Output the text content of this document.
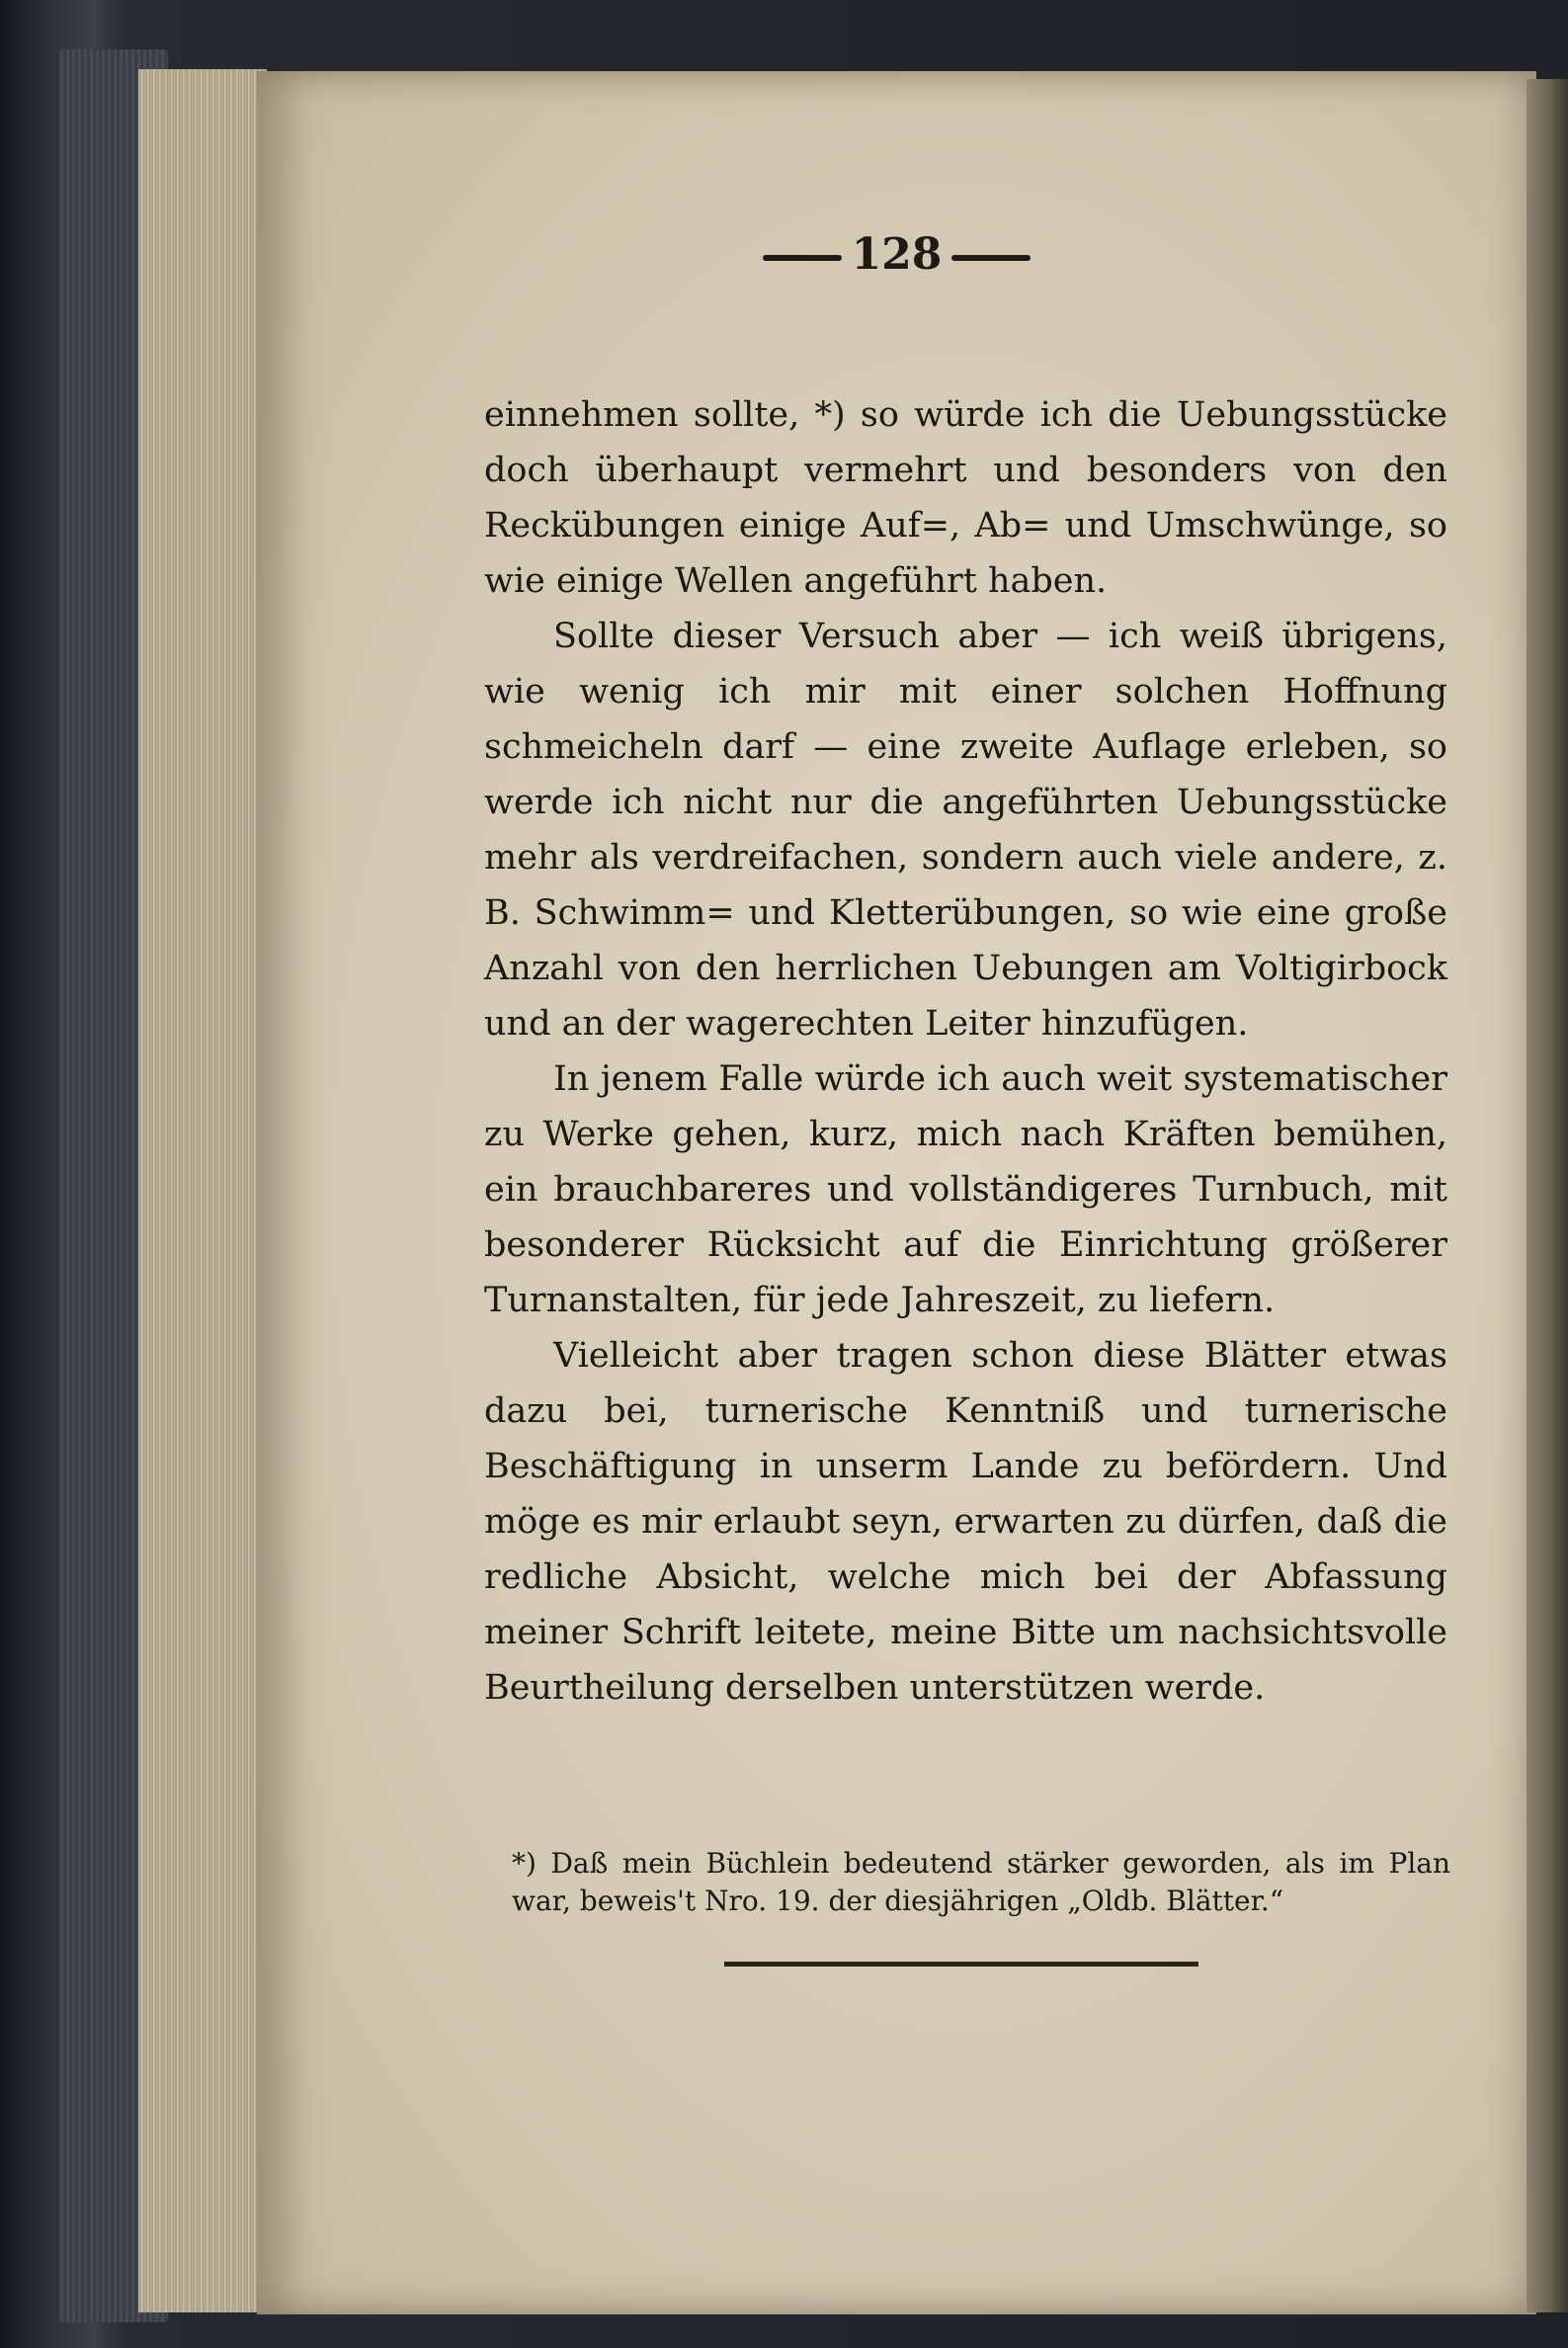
128

einnehmen sollte, *) so würde ich die Uebungsstücke doch überhaupt vermehrt und besonders von den Reckübungen einige Auf=, Ab= und Umschwünge, so wie einige Wellen angeführt haben.

Sollte dieser Versuch aber — ich weiß übrigens, wie wenig ich mir mit einer solchen Hoffnung schmeicheln darf — eine zweite Auflage erleben, so werde ich nicht nur die angeführten Uebungsstücke mehr als verdreifachen, sondern auch viele andere, z. B. Schwimm= und Kletterübungen, so wie eine große Anzahl von den herrlichen Uebungen am Voltigirbock und an der wagerechten Leiter hinzufügen.

In jenem Falle würde ich auch weit systematischer zu Werke gehen, kurz, mich nach Kräften bemühen, ein brauchbareres und vollständigeres Turnbuch, mit besonderer Rücksicht auf die Einrichtung größerer Turnanstalten, für jede Jahreszeit, zu liefern.

Vielleicht aber tragen schon diese Blätter etwas dazu bei, turnerische Kenntniß und turnerische Beschäftigung in unserm Lande zu befördern. Und möge es mir erlaubt seyn, erwarten zu dürfen, daß die redliche Absicht, welche mich bei der Abfassung meiner Schrift leitete, meine Bitte um nachsichtsvolle Beurtheilung derselben unterstützen werde.

*) Daß mein Büchlein bedeutend stärker geworden, als im Plan war, beweis't Nro. 19. der diesjährigen „Oldb. Blätter.“
